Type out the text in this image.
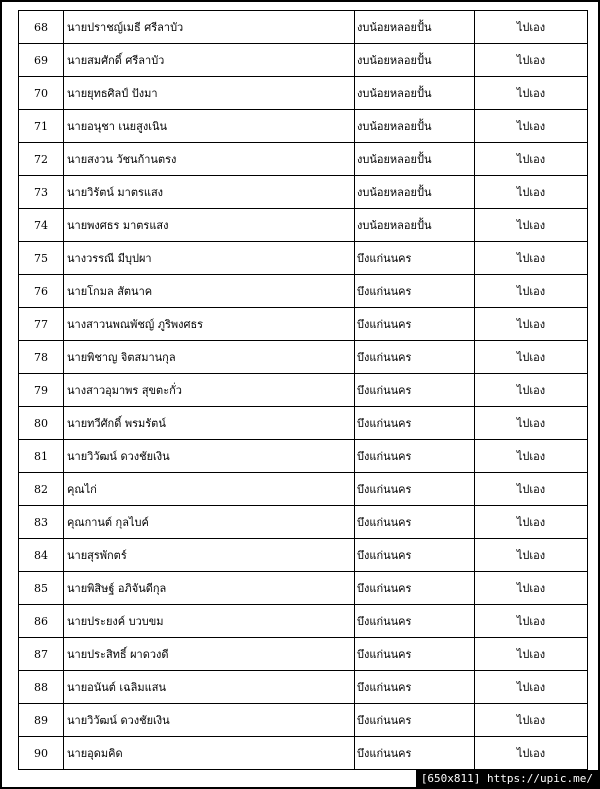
68	นายปราชญ์เมธี ศรีลาบัว	งบน้อยหลอยปั้น	ไปเอง
69	นายสมศักดิ์ ศรีลาบัว	งบน้อยหลอยปั้น	ไปเอง
70	นายยุทธศิลป์ ปังมา	งบน้อยหลอยปั้น	ไปเอง
71	นายอนุชา เนยสูงเนิน	งบน้อยหลอยปั้น	ไปเอง
72	นายสงวน วัชนก้านตรง	งบน้อยหลอยปั้น	ไปเอง
73	นายวิรัตน์ มาตรแสง	งบน้อยหลอยปั้น	ไปเอง
74	นายพงศธร มาตรแสง	งบน้อยหลอยปั้น	ไปเอง
75	นางวรรณี มีบุปผา	บึงแก่นนคร	ไปเอง
76	นายโกมล สัตนาค	บึงแก่นนคร	ไปเอง
77	นางสาวนพณพัชญ์ ภูริพงศธร	บึงแก่นนคร	ไปเอง
78	นายพิชาญ จิตสมานกุล	บึงแก่นนคร	ไปเอง
79	นางสาวอุมาพร สุขตะกั่ว	บึงแก่นนคร	ไปเอง
80	นายทวีศักดิ์ พรมรัตน์	บึงแก่นนคร	ไปเอง
81	นายวิวัฒน์ ดวงชัยเงิน	บึงแก่นนคร	ไปเอง
82	คุณไก่	บึงแก่นนคร	ไปเอง
83	คุณกานต์ กุลไบค์	บึงแก่นนคร	ไปเอง
84	นายสุรพักตร์	บึงแก่นนคร	ไปเอง
85	นายพิสิษฐ์ อภิจันดีกุล	บึงแก่นนคร	ไปเอง
86	นายประยงค์ บวบขม	บึงแก่นนคร	ไปเอง
87	นายประสิทธิ์ ผาดวงดี	บึงแก่นนคร	ไปเอง
88	นายอนันต์ เฉลิมแสน	บึงแก่นนคร	ไปเอง
89	นายวิวัฒน์ ดวงชัยเงิน	บึงแก่นนคร	ไปเอง
90	นายอุดมคิด	บึงแก่นนคร	ไปเอง
[650x811] https://upic.me/
